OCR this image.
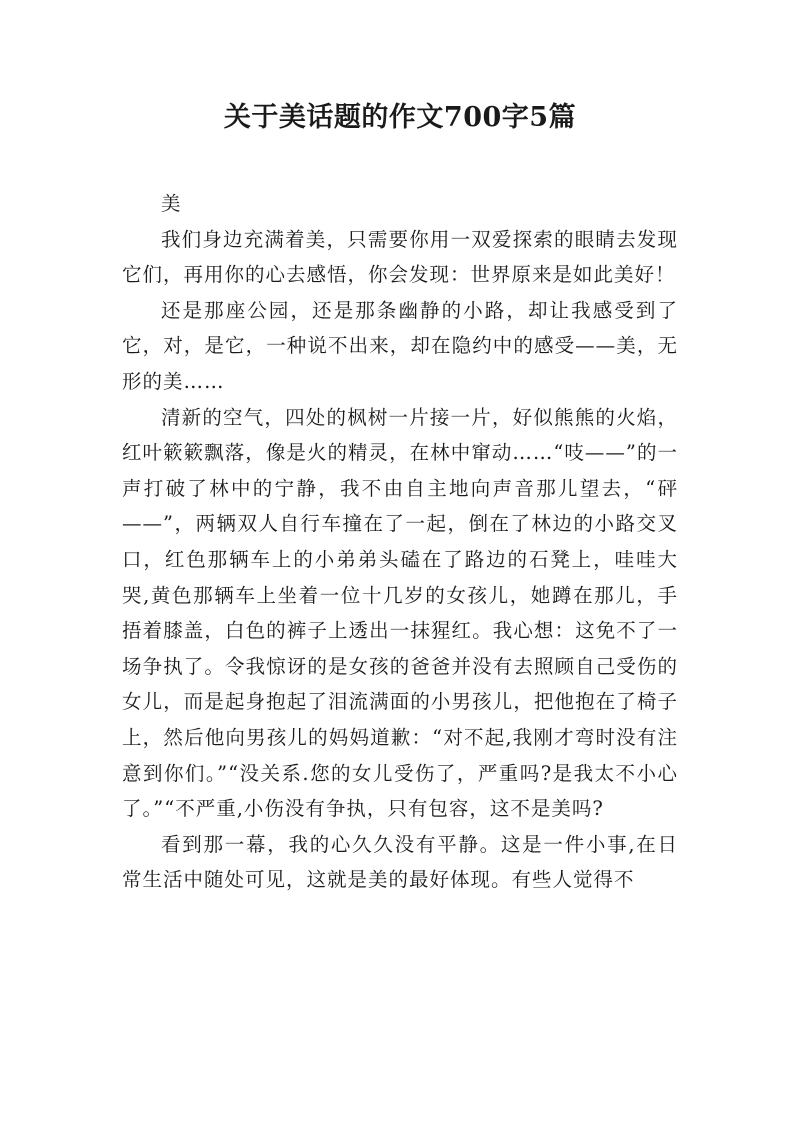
关于美话题的作文700字5篇

美

我们身边充满着美，只需要你用一双爱探索的眼睛去发现它们，再用你的心去感悟，你会发现：世界原来是如此美好！

还是那座公园，还是那条幽静的小路，却让我感受到了它，对，是它，一种说不出来，却在隐约中的感受——美，无形的美……

清新的空气，四处的枫树一片接一片，好似熊熊的火焰，红叶簌簌飘落，像是火的精灵，在林中窜动……“吱——”的一声打破了林中的宁静，我不由自主地向声音那儿望去，“砰——”，两辆双人自行车撞在了一起，倒在了林边的小路交叉口，红色那辆车上的小弟弟头磕在了路边的石凳上，哇哇大哭,黄色那辆车上坐着一位十几岁的女孩儿，她蹲在那儿，手捂着膝盖，白色的裤子上透出一抹猩红。我心想：这免不了一场争执了。令我惊讶的是女孩的爸爸并没有去照顾自己受伤的女儿，而是起身抱起了泪流满面的小男孩儿，把他抱在了椅子上，然后他向男孩儿的妈妈道歉：“对不起,我刚才弯时没有注意到你们。”“没关系.您的女儿受伤了，严重吗?是我太不小心了。”“不严重,小伤没有争执，只有包容，这不是美吗?

看到那一幕，我的心久久没有平静。这是一件小事,在日常生活中随处可见，这就是美的最好体现。有些人觉得不
